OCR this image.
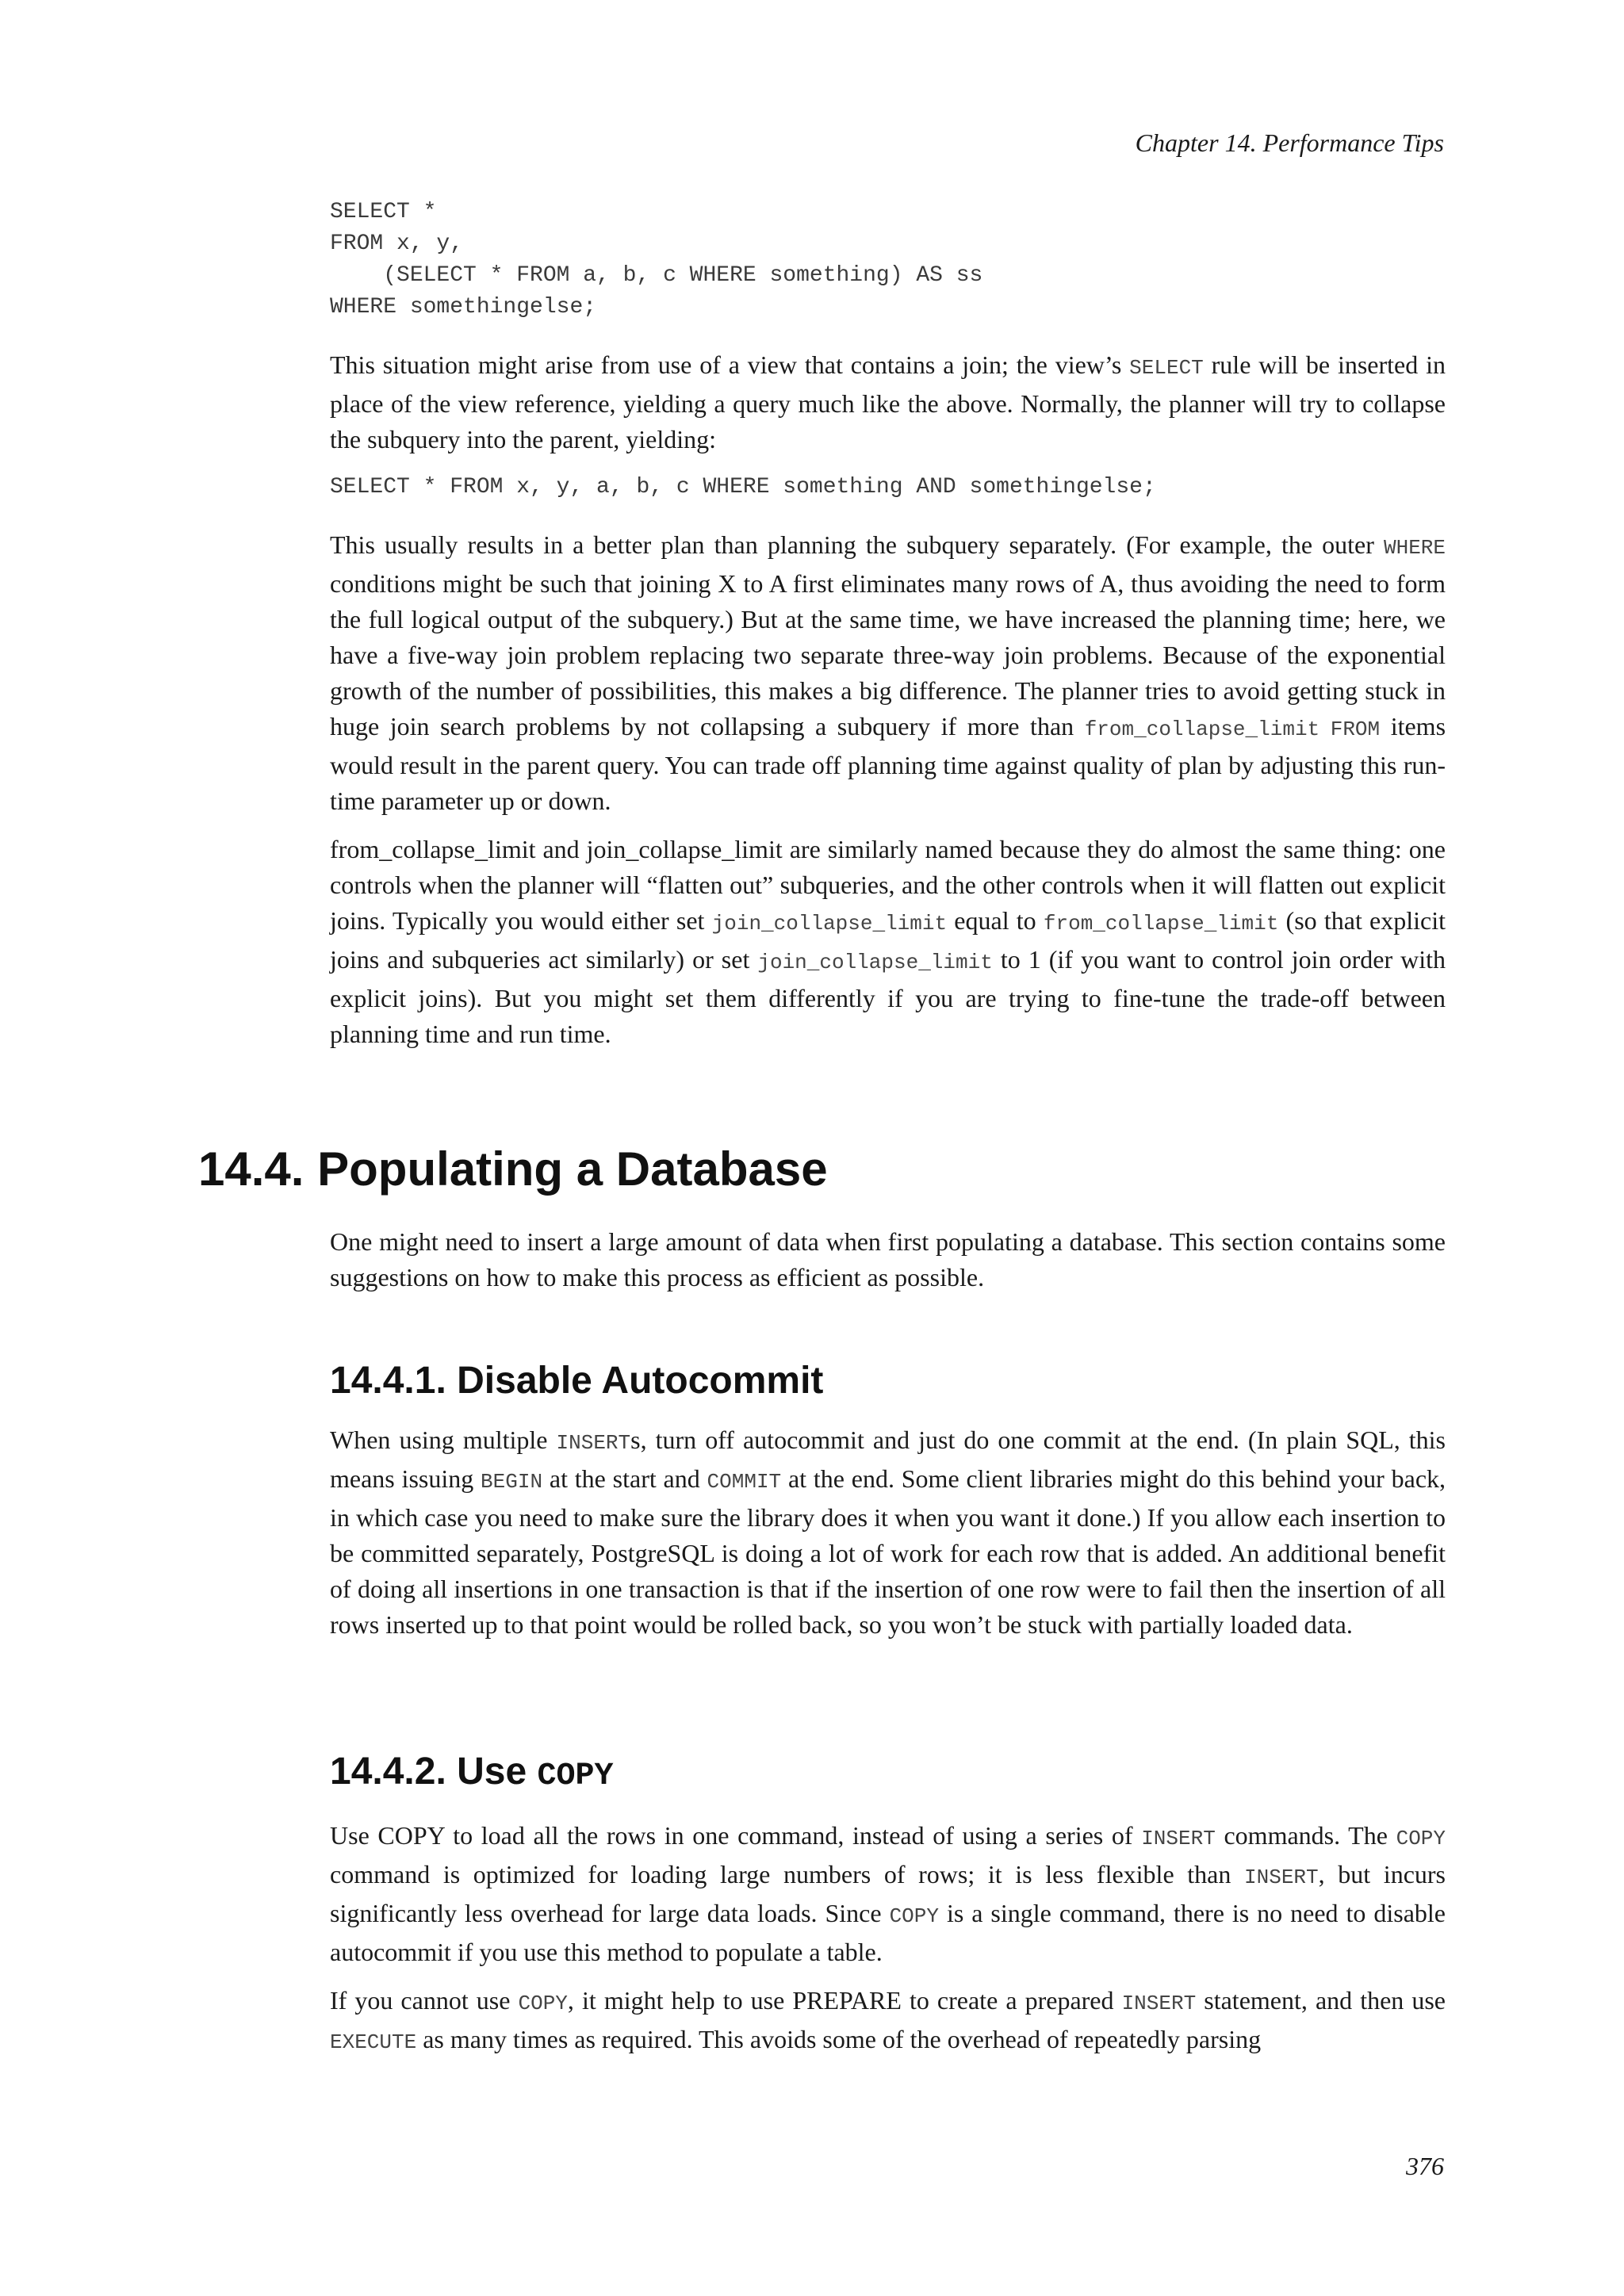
Chapter 14. Performance Tips
SELECT *
FROM x, y,
(SELECT * FROM a, b, c WHERE something) AS ss
WHERE somethingelse;

This situation might arise from use of a view that contains a join; the view’s SELECT rule will be inserted in place of the view reference, yielding a query much like the above. Normally, the planner will try to collapse the subquery into the parent, yielding:

SELECT * FROM x, y, a, b, c WHERE something AND somethingelse;

This usually results in a better plan than planning the subquery separately. (For example, the outer WHERE conditions might be such that joining X to A first eliminates many rows of A, thus avoiding the need to form the full logical output of the subquery.) But at the same time, we have increased the planning time; here, we have a five-way join problem replacing two separate three-way join problems. Because of the exponential growth of the number of possibilities, this makes a big difference. The planner tries to avoid getting stuck in huge join search problems by not collapsing a subquery if more than from_collapse_limit FROM items would result in the parent query. You can trade off planning time against quality of plan by adjusting this run-time parameter up or down.

from_collapse_limit and join_collapse_limit are similarly named because they do almost the same thing: one controls when the planner will “flatten out” subqueries, and the other controls when it will flatten out explicit joins. Typically you would either set join_collapse_limit equal to from_collapse_limit (so that explicit joins and subqueries act similarly) or set join_collapse_limit to 1 (if you want to control join order with explicit joins). But you might set them differently if you are trying to fine-tune the trade-off between planning time and run time.

14.4. Populating a Database

One might need to insert a large amount of data when first populating a database. This section contains some suggestions on how to make this process as efficient as possible.

14.4.1. Disable Autocommit

When using multiple INSERTs, turn off autocommit and just do one commit at the end. (In plain SQL, this means issuing BEGIN at the start and COMMIT at the end. Some client libraries might do this behind your back, in which case you need to make sure the library does it when you want it done.) If you allow each insertion to be committed separately, PostgreSQL is doing a lot of work for each row that is added. An additional benefit of doing all insertions in one transaction is that if the insertion of one row were to fail then the insertion of all rows inserted up to that point would be rolled back, so you won’t be stuck with partially loaded data.

14.4.2. Use COPY

Use COPY to load all the rows in one command, instead of using a series of INSERT commands. The COPY command is optimized for loading large numbers of rows; it is less flexible than INSERT, but incurs significantly less overhead for large data loads. Since COPY is a single command, there is no need to disable autocommit if you use this method to populate a table.

If you cannot use COPY, it might help to use PREPARE to create a prepared INSERT statement, and then use EXECUTE as many times as required. This avoids some of the overhead of repeatedly parsing

376
